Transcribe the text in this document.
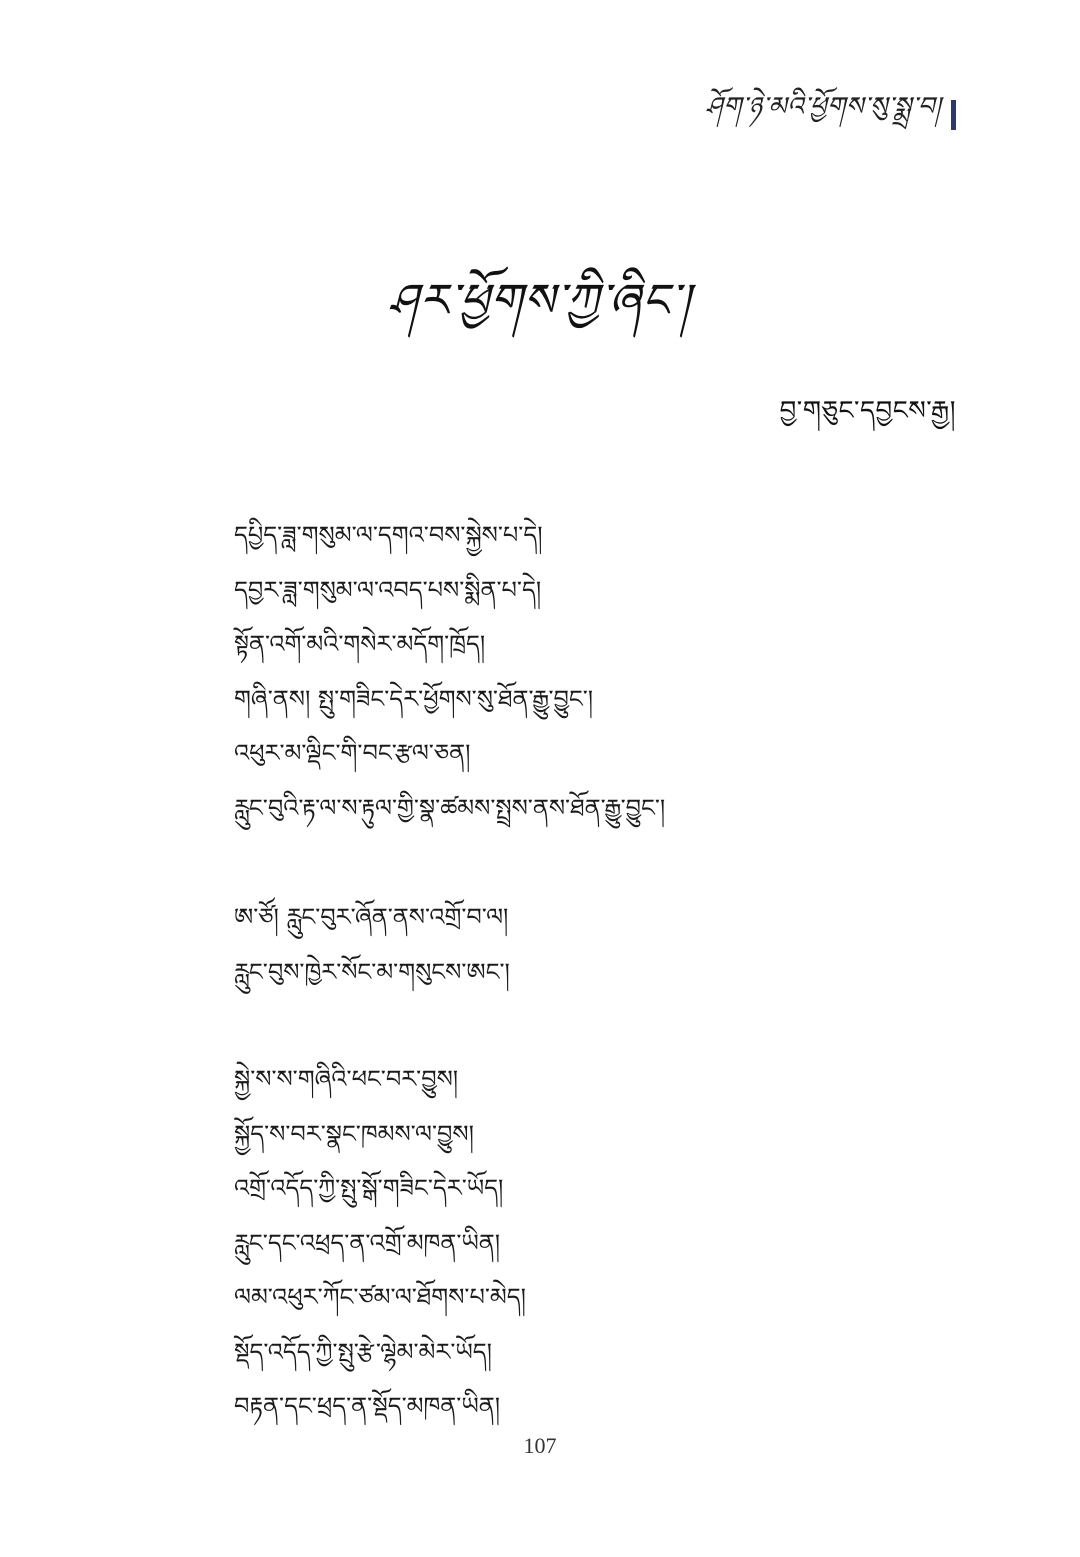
ཤོག་ཉེ་མའི་ཕྱོགས་སུ་སྨྲ་བ།
ཤར་ཕྱོགས་ཀྱི་ཞིང་།
བྱ་གཅུང་དབྱངས་རྒྱ།
དཔྱིད་ཟླ་གསུམ་ལ་དགའ་བས་སྐྱེས་པ་དེ།
དབྱར་ཟླ་གསུམ་ལ་འབད་པས་སྨིན་པ་དེ།
སྟོན་འགོ་མའི་གསེར་མདོག་ཁྲོད།
གཞི་ནས། སྤུ་གཟིང་དེར་ཕྱོགས་སུ་ཐོན་རྒྱུ་བྱུང་།
འཕུར་མ་ལྡིང་གི་བང་རྩལ་ཅན།
རླུང་བུའི་རྟ་ལ་ས་རྟུལ་གྱི་སྣ་ཚམས་སྤྲས་ནས་ཐོན་རྒྱུ་བྱུང་།
ཨ་ཙོ། རླུང་བུར་ཞོན་ནས་འགྲོ་བ་ལ།
རླུང་བུས་ཁྱེར་སོང་མ་གསུངས་ཨང་།
སྐྱེ་ས་ས་གཞིའི་ཕང་བར་བྱུས།
སྐྱོད་ས་བར་སྣང་ཁམས་ལ་བྱུས།
འགྲོ་འདོད་ཀྱི་སྤུ་སྒོ་གཟིང་དེར་ཡོད།
རླུང་དང་འཕྲད་ན་འགྲོ་མཁན་ཡིན།
ལམ་འཕུར་ཀོང་ཙམ་ལ་ཐོགས་པ་མེད།
སྡོད་འདོད་ཀྱི་སྤུ་རྩེ་ལྷེམ་མེར་ཡོད།
བརྟན་དང་ཕྲད་ན་སྡོད་མཁན་ཡིན།
107
